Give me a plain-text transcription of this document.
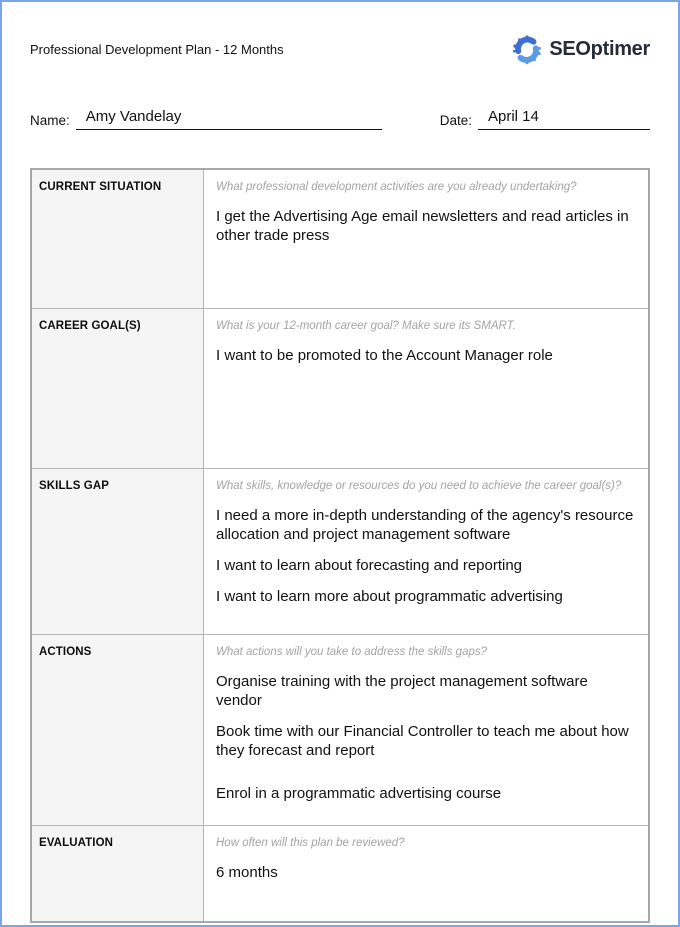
Professional Development Plan - 12 Months	SEOptimer
Name:	Amy Vandelay	Date:	April 14
CURRENT SITUATION	What professional development activities are you already undertaking?

I get the Advertising Age email newsletters and read articles in other trade press

CAREER GOAL(S)	What is your 12-month career goal? Make sure its SMART.

I want to be promoted to the Account Manager role

SKILLS GAP	What skills, knowledge or resources do you need to achieve the career goal(s)?

I need a more in-depth understanding of the agency's resource allocation and project management software

I want to learn about forecasting and reporting

I want to learn more about programmatic advertising

ACTIONS	What actions will you take to address the skills gaps?

Organise training with the project management software vendor

Book time with our Financial Controller to teach me about how they forecast and report

Enrol in a programmatic advertising course

EVALUATION	How often will this plan be reviewed?

6 months
